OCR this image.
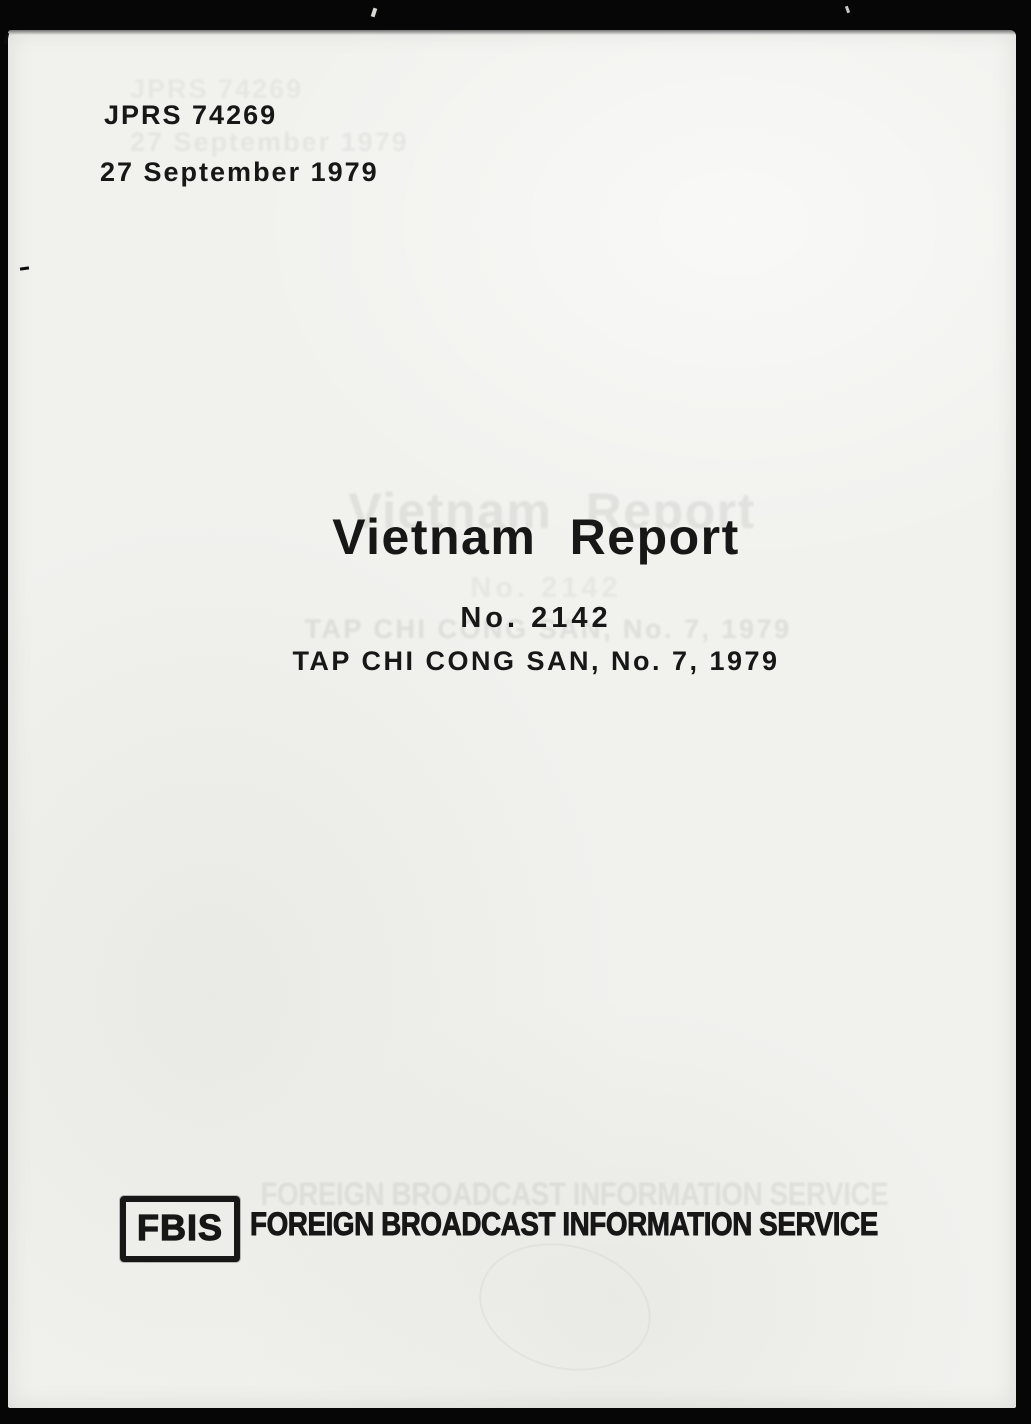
JPRS 74269
27 September 1979
Vietnam Report
No. 2142
TAP CHI CONG SAN, No. 7, 1979
FBIS FOREIGN BROADCAST INFORMATION SERVICE
